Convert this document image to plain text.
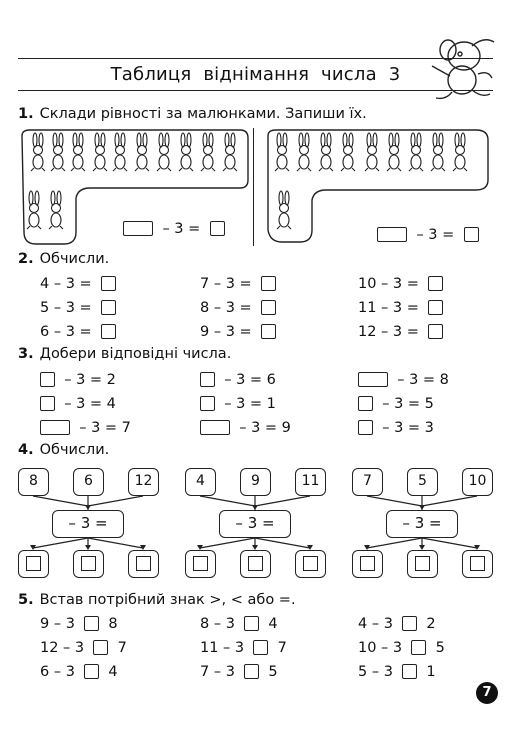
Таблиця віднімання числа 3
1. Склади рівності за малюнками. Запиши їх.

– 3 =	– 3 =

2. Обчисли.
4 – 3 =	7 – 3 =	10 – 3 =
5 – 3 =	8 – 3 =	11 – 3 =
6 – 3 =	9 – 3 =	12 – 3 =
3. Добери відповідні числа.
– 3 = 2	– 3 = 6	– 3 = 8
– 3 = 4	– 3 = 1	– 3 = 5
– 3 = 7	– 3 = 9	– 3 = 3
4. Обчисли.
8	6	12
– 3 =
4	9	11
– 3 =
7	5	10
– 3 =
5. Встав потрібний знак >, < або =.
9 – 3 8	8 – 3 4	4 – 3 2
12 – 3 7	11 – 3 7	10 – 3 5
6 – 3 4	7 – 3 5	5 – 3 1
7
